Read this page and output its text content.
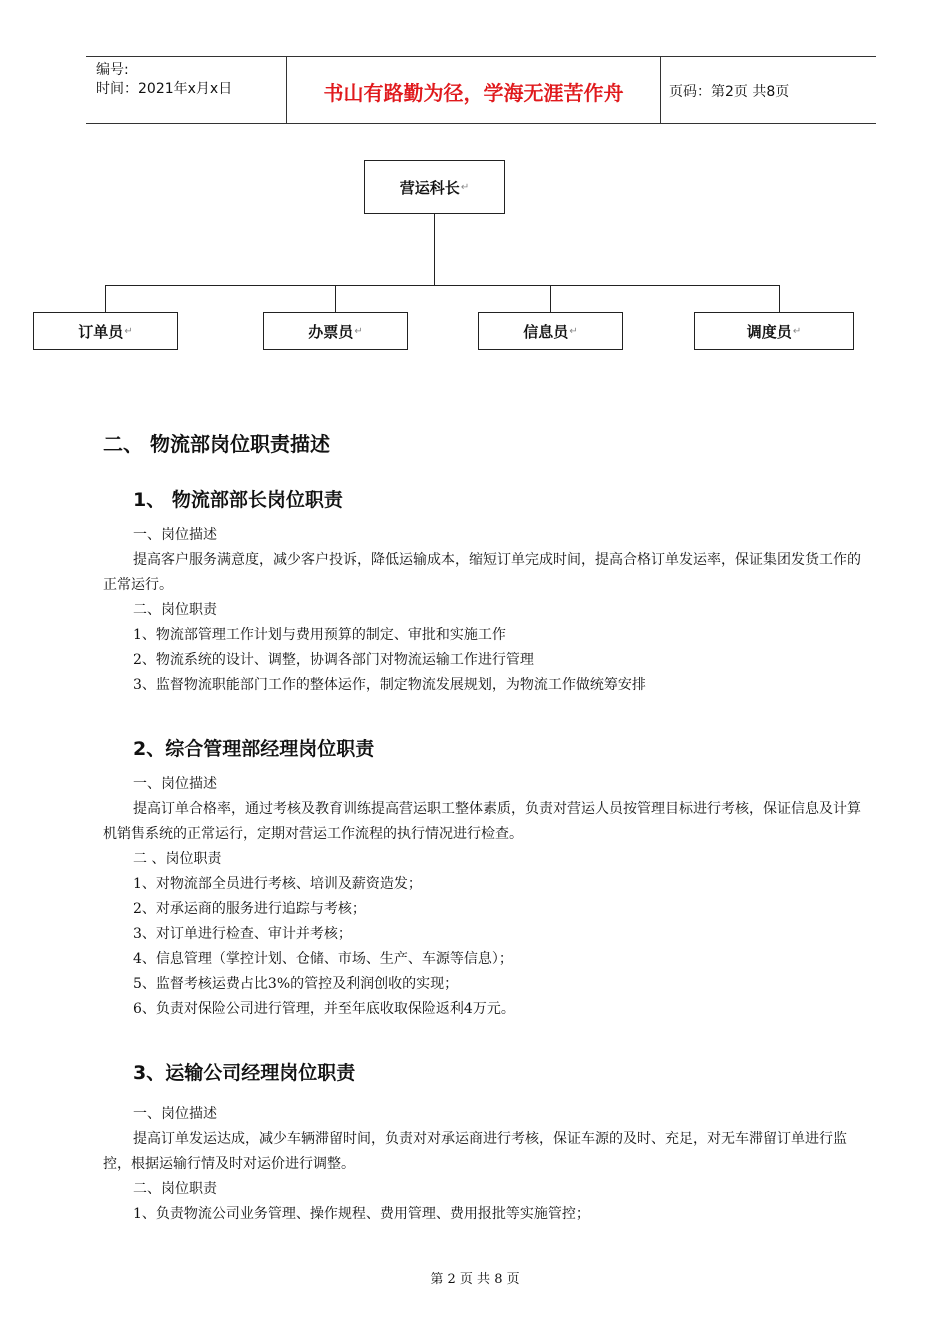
编号:
时间：2021年x月x日	书山有路勤为径，学海无涯苦作舟	页码：第2页 共8页
营运科长 ↵
订单员 ↵	办票员 ↵	信息员 ↵	调度员 ↵
二、 物流部岗位职责描述
1、 物流部部长岗位职责
一、岗位描述
提高客户服务满意度，减少客户投诉，降低运输成本，缩短订单完成时间，提高合格订单发运率，保证集团发货工作的正常运行。
二、岗位职责
1、物流部管理工作计划与费用预算的制定、审批和实施工作
2、物流系统的设计、调整，协调各部门对物流运输工作进行管理
3、监督物流职能部门工作的整体运作，制定物流发展规划，为物流工作做统筹安排
2、综合管理部经理岗位职责
一、岗位描述
提高订单合格率，通过考核及教育训练提高营运职工整体素质，负责对营运人员按管理目标进行考核，保证信息及计算机销售系统的正常运行，定期对营运工作流程的执行情况进行检查。
二 、岗位职责
1、对物流部全员进行考核、培训及薪资造发；
2、对承运商的服务进行追踪与考核；
3、对订单进行检查、审计并考核；
4、信息管理（掌控计划、仓储、市场、生产、车源等信息）；
5、监督考核运费占比3%的管控及利润创收的实现；
6、负责对保险公司进行管理，并至年底收取保险返利4万元。
3、运输公司经理岗位职责
一、岗位描述
提高订单发运达成，减少车辆滞留时间，负责对对承运商进行考核，保证车源的及时、充足，对无车滞留订单进行监控，根据运输行情及时对运价进行调整。
二、岗位职责
1、负责物流公司业务管理、操作规程、费用管理、费用报批等实施管控；
第 2 页 共 8 页
